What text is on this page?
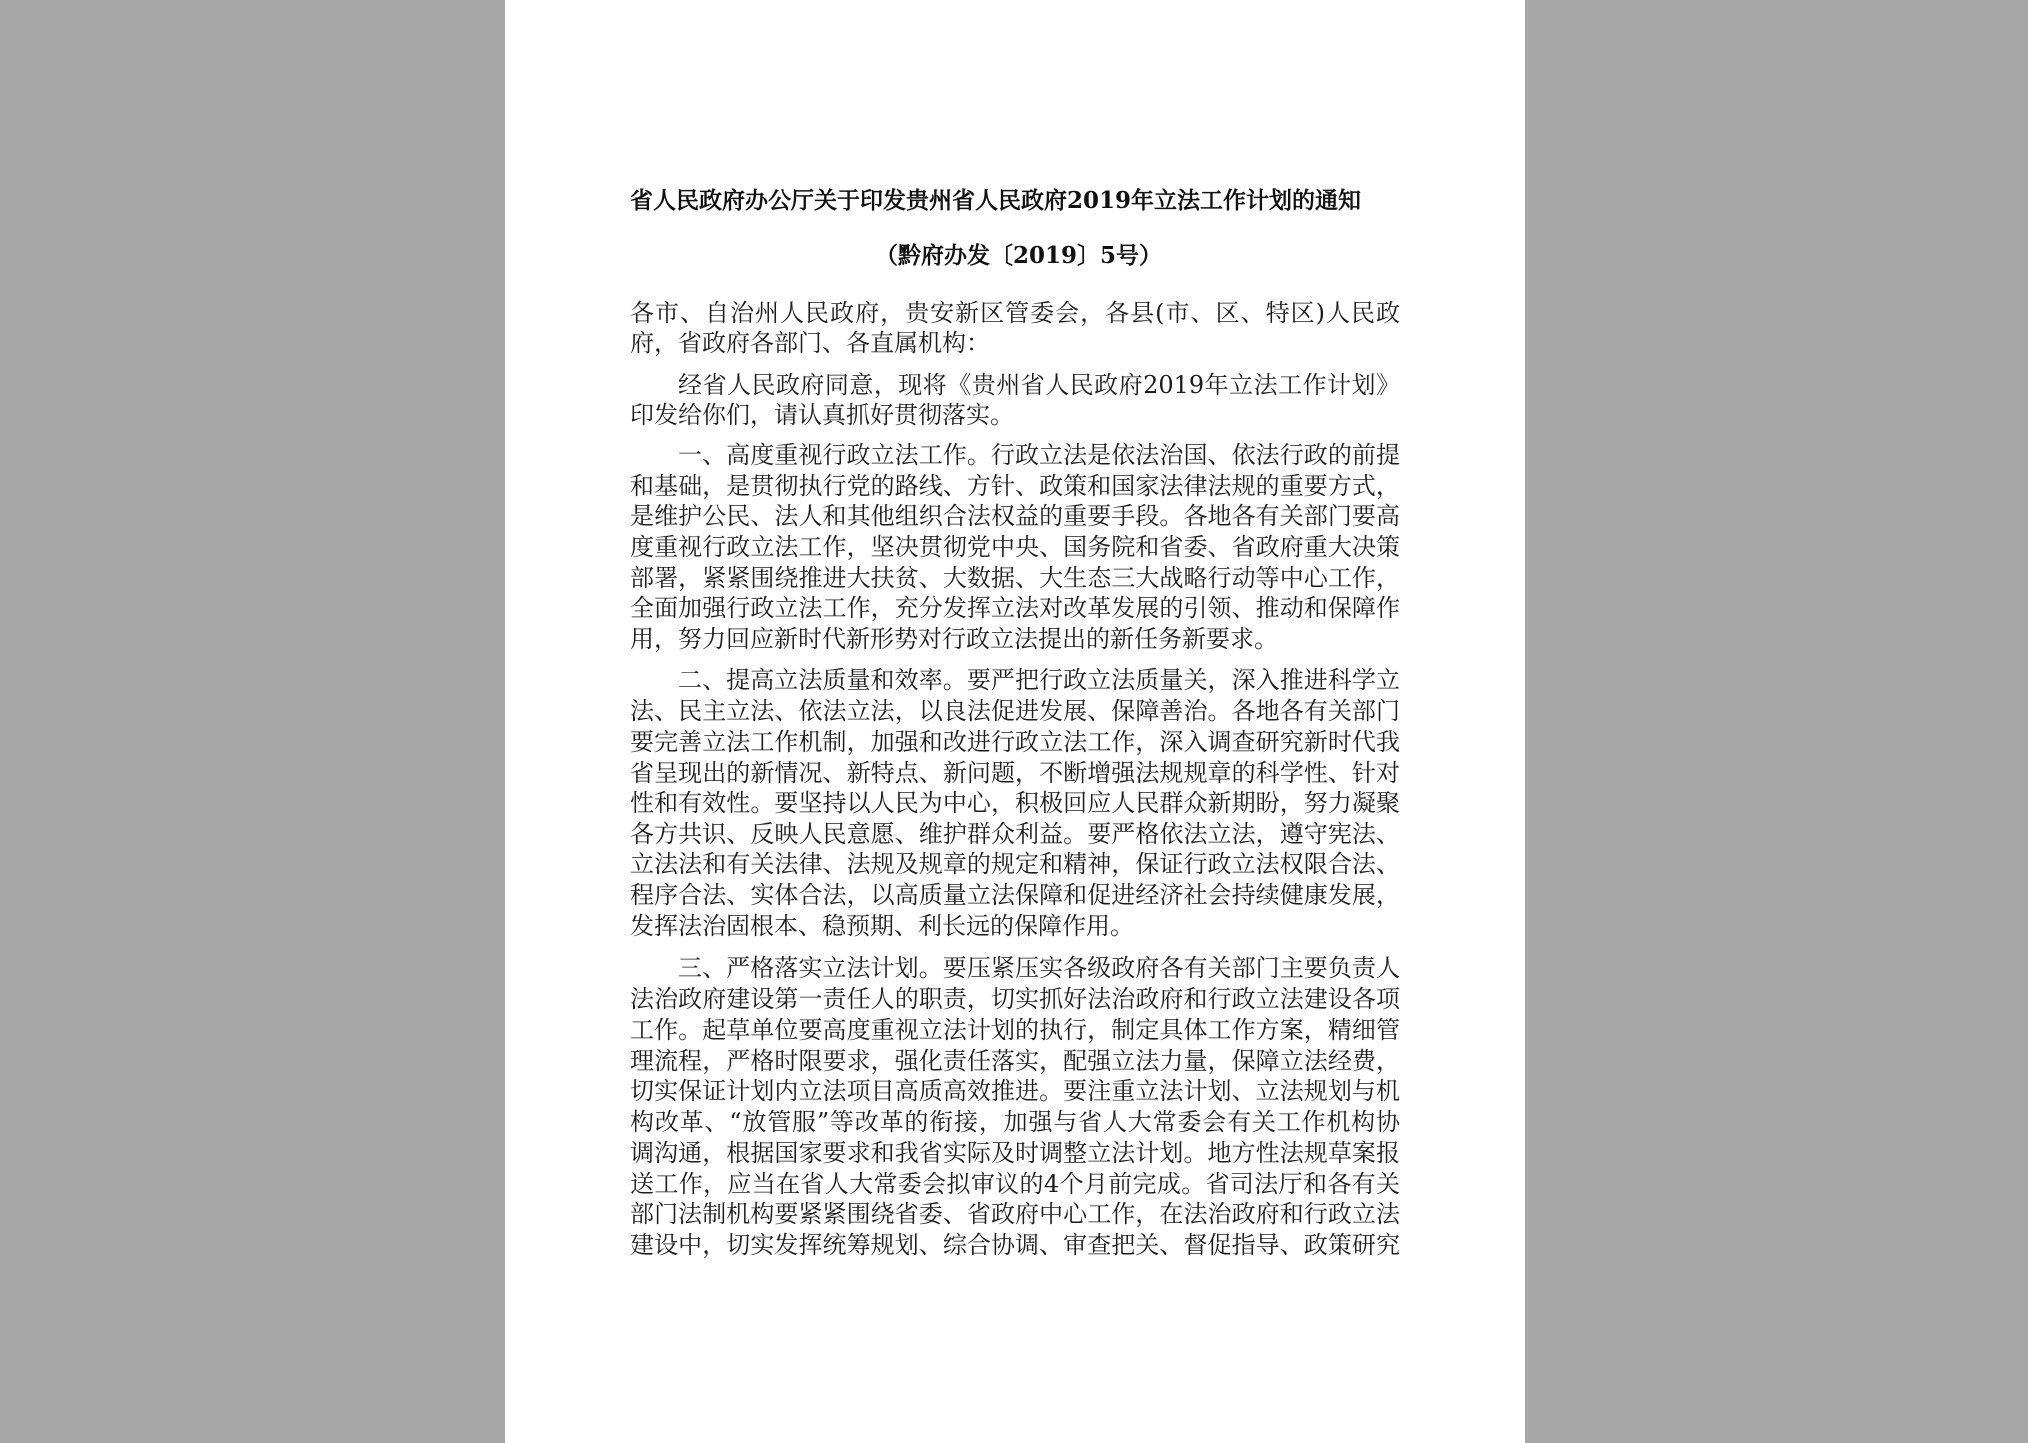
省人民政府办公厅关于印发贵州省人民政府2019年立法工作计划的通知
（黔府办发〔2019〕5号）
各市、自治州人民政府，贵安新区管委会，各县(市、区、特区)人民政
府，省政府各部门、各直属机构：
经省人民政府同意，现将《贵州省人民政府2019年立法工作计划》
印发给你们，请认真抓好贯彻落实。
一、高度重视行政立法工作。行政立法是依法治国、依法行政的前提
和基础，是贯彻执行党的路线、方针、政策和国家法律法规的重要方式，
是维护公民、法人和其他组织合法权益的重要手段。各地各有关部门要高
度重视行政立法工作，坚决贯彻党中央、国务院和省委、省政府重大决策
部署，紧紧围绕推进大扶贫、大数据、大生态三大战略行动等中心工作，
全面加强行政立法工作，充分发挥立法对改革发展的引领、推动和保障作
用，努力回应新时代新形势对行政立法提出的新任务新要求。
二、提高立法质量和效率。要严把行政立法质量关，深入推进科学立
法、民主立法、依法立法，以良法促进发展、保障善治。各地各有关部门
要完善立法工作机制，加强和改进行政立法工作，深入调查研究新时代我
省呈现出的新情况、新特点、新问题，不断增强法规规章的科学性、针对
性和有效性。要坚持以人民为中心，积极回应人民群众新期盼，努力凝聚
各方共识、反映人民意愿、维护群众利益。要严格依法立法，遵守宪法、
立法法和有关法律、法规及规章的规定和精神，保证行政立法权限合法、
程序合法、实体合法，以高质量立法保障和促进经济社会持续健康发展，
发挥法治固根本、稳预期、利长远的保障作用。
三、严格落实立法计划。要压紧压实各级政府各有关部门主要负责人
法治政府建设第一责任人的职责，切实抓好法治政府和行政立法建设各项
工作。起草单位要高度重视立法计划的执行，制定具体工作方案，精细管
理流程，严格时限要求，强化责任落实，配强立法力量，保障立法经费，
切实保证计划内立法项目高质高效推进。要注重立法计划、立法规划与机
构改革、“放管服”等改革的衔接，加强与省人大常委会有关工作机构协
调沟通，根据国家要求和我省实际及时调整立法计划。地方性法规草案报
送工作，应当在省人大常委会拟审议的4个月前完成。省司法厅和各有关
部门法制机构要紧紧围绕省委、省政府中心工作，在法治政府和行政立法
建设中，切实发挥统筹规划、综合协调、审查把关、督促指导、政策研究
